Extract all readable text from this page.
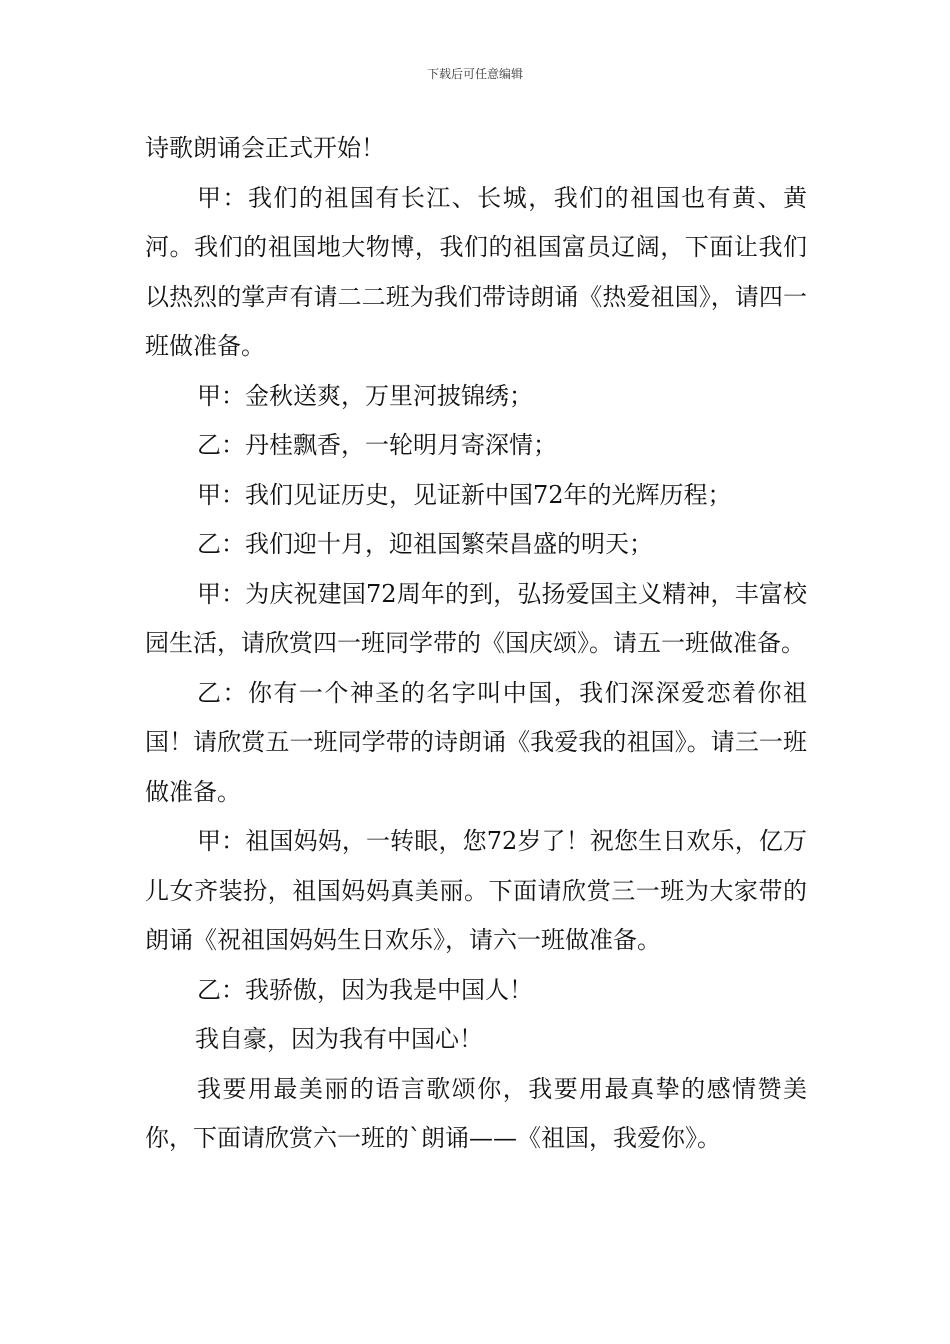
下载后可任意编辑

诗歌朗诵会正式开始！

甲：我们的祖国有长江、长城，我们的祖国也有黄、黄河。我们的祖国地大物博，我们的祖国富员辽阔，下面让我们以热烈的掌声有请二二班为我们带诗朗诵《热爱祖国》，请四一班做准备。

甲：金秋送爽，万里河披锦绣；

乙：丹桂飘香，一轮明月寄深情；

甲：我们见证历史，见证新中国72年的光辉历程；

乙：我们迎十月，迎祖国繁荣昌盛的明天；

甲：为庆祝建国72周年的到，弘扬爱国主义精神，丰富校园生活，请欣赏四一班同学带的《国庆颂》。请五一班做准备。

乙：你有一个神圣的名字叫中国，我们深深爱恋着你祖国！请欣赏五一班同学带的诗朗诵《我爱我的祖国》。请三一班做准备。

甲：祖国妈妈，一转眼，您72岁了！祝您生日欢乐，亿万儿女齐装扮，祖国妈妈真美丽。下面请欣赏三一班为大家带的朗诵《祝祖国妈妈生日欢乐》，请六一班做准备。

乙：我骄傲，因为我是中国人！

我自豪，因为我有中国心！

我要用最美丽的语言歌颂你，我要用最真挚的感情赞美你，下面请欣赏六一班的`朗诵——《祖国，我爱你》。
